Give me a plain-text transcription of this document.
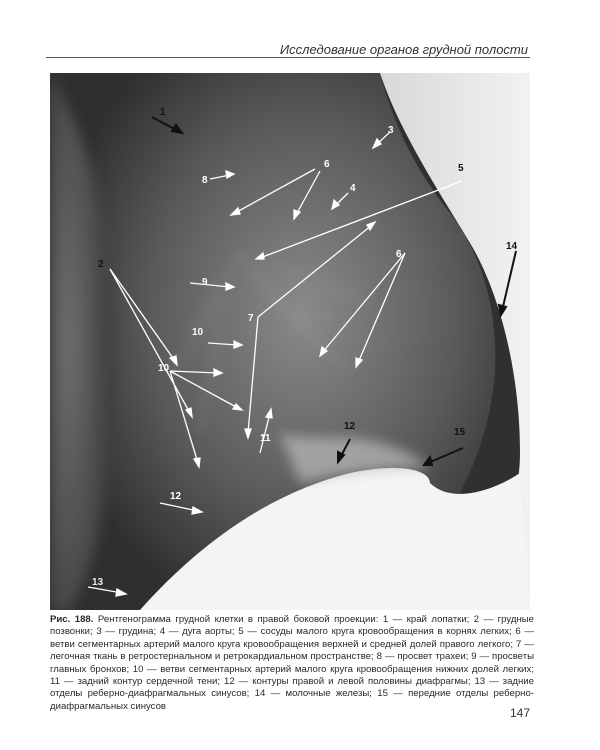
Исследование органов грудной полости
1
2
3
4
5
6
6
7
8
9
10
10
11
12
12
13
14
15
Рис. 188. Рентгенограмма грудной клетки в правой боковой проекции: 1 — край лопатки; 2 — грудные позвонки; 3 — грудина; 4 — дуга аорты; 5 — сосуды малого круга кровообращения в корнях легких; 6 — ветви сегментарных артерий малого круга кровообращения верхней и средней долей правого легкого; 7 — легочная ткань в ретростернальном и ретрокардиальном пространстве; 8 — просвет трахеи; 9 — просветы главных бронхов; 10 — ветви сегментарных артерий малого круга кровообращения нижних долей легких; 11 — задний контур сердечной тени; 12 — контуры правой и левой половины диафрагмы; 13 — задние отделы реберно-диафрагмальных синусов; 14 — молочные железы; 15 — передние отделы реберно-диафрагмальных синусов	147
